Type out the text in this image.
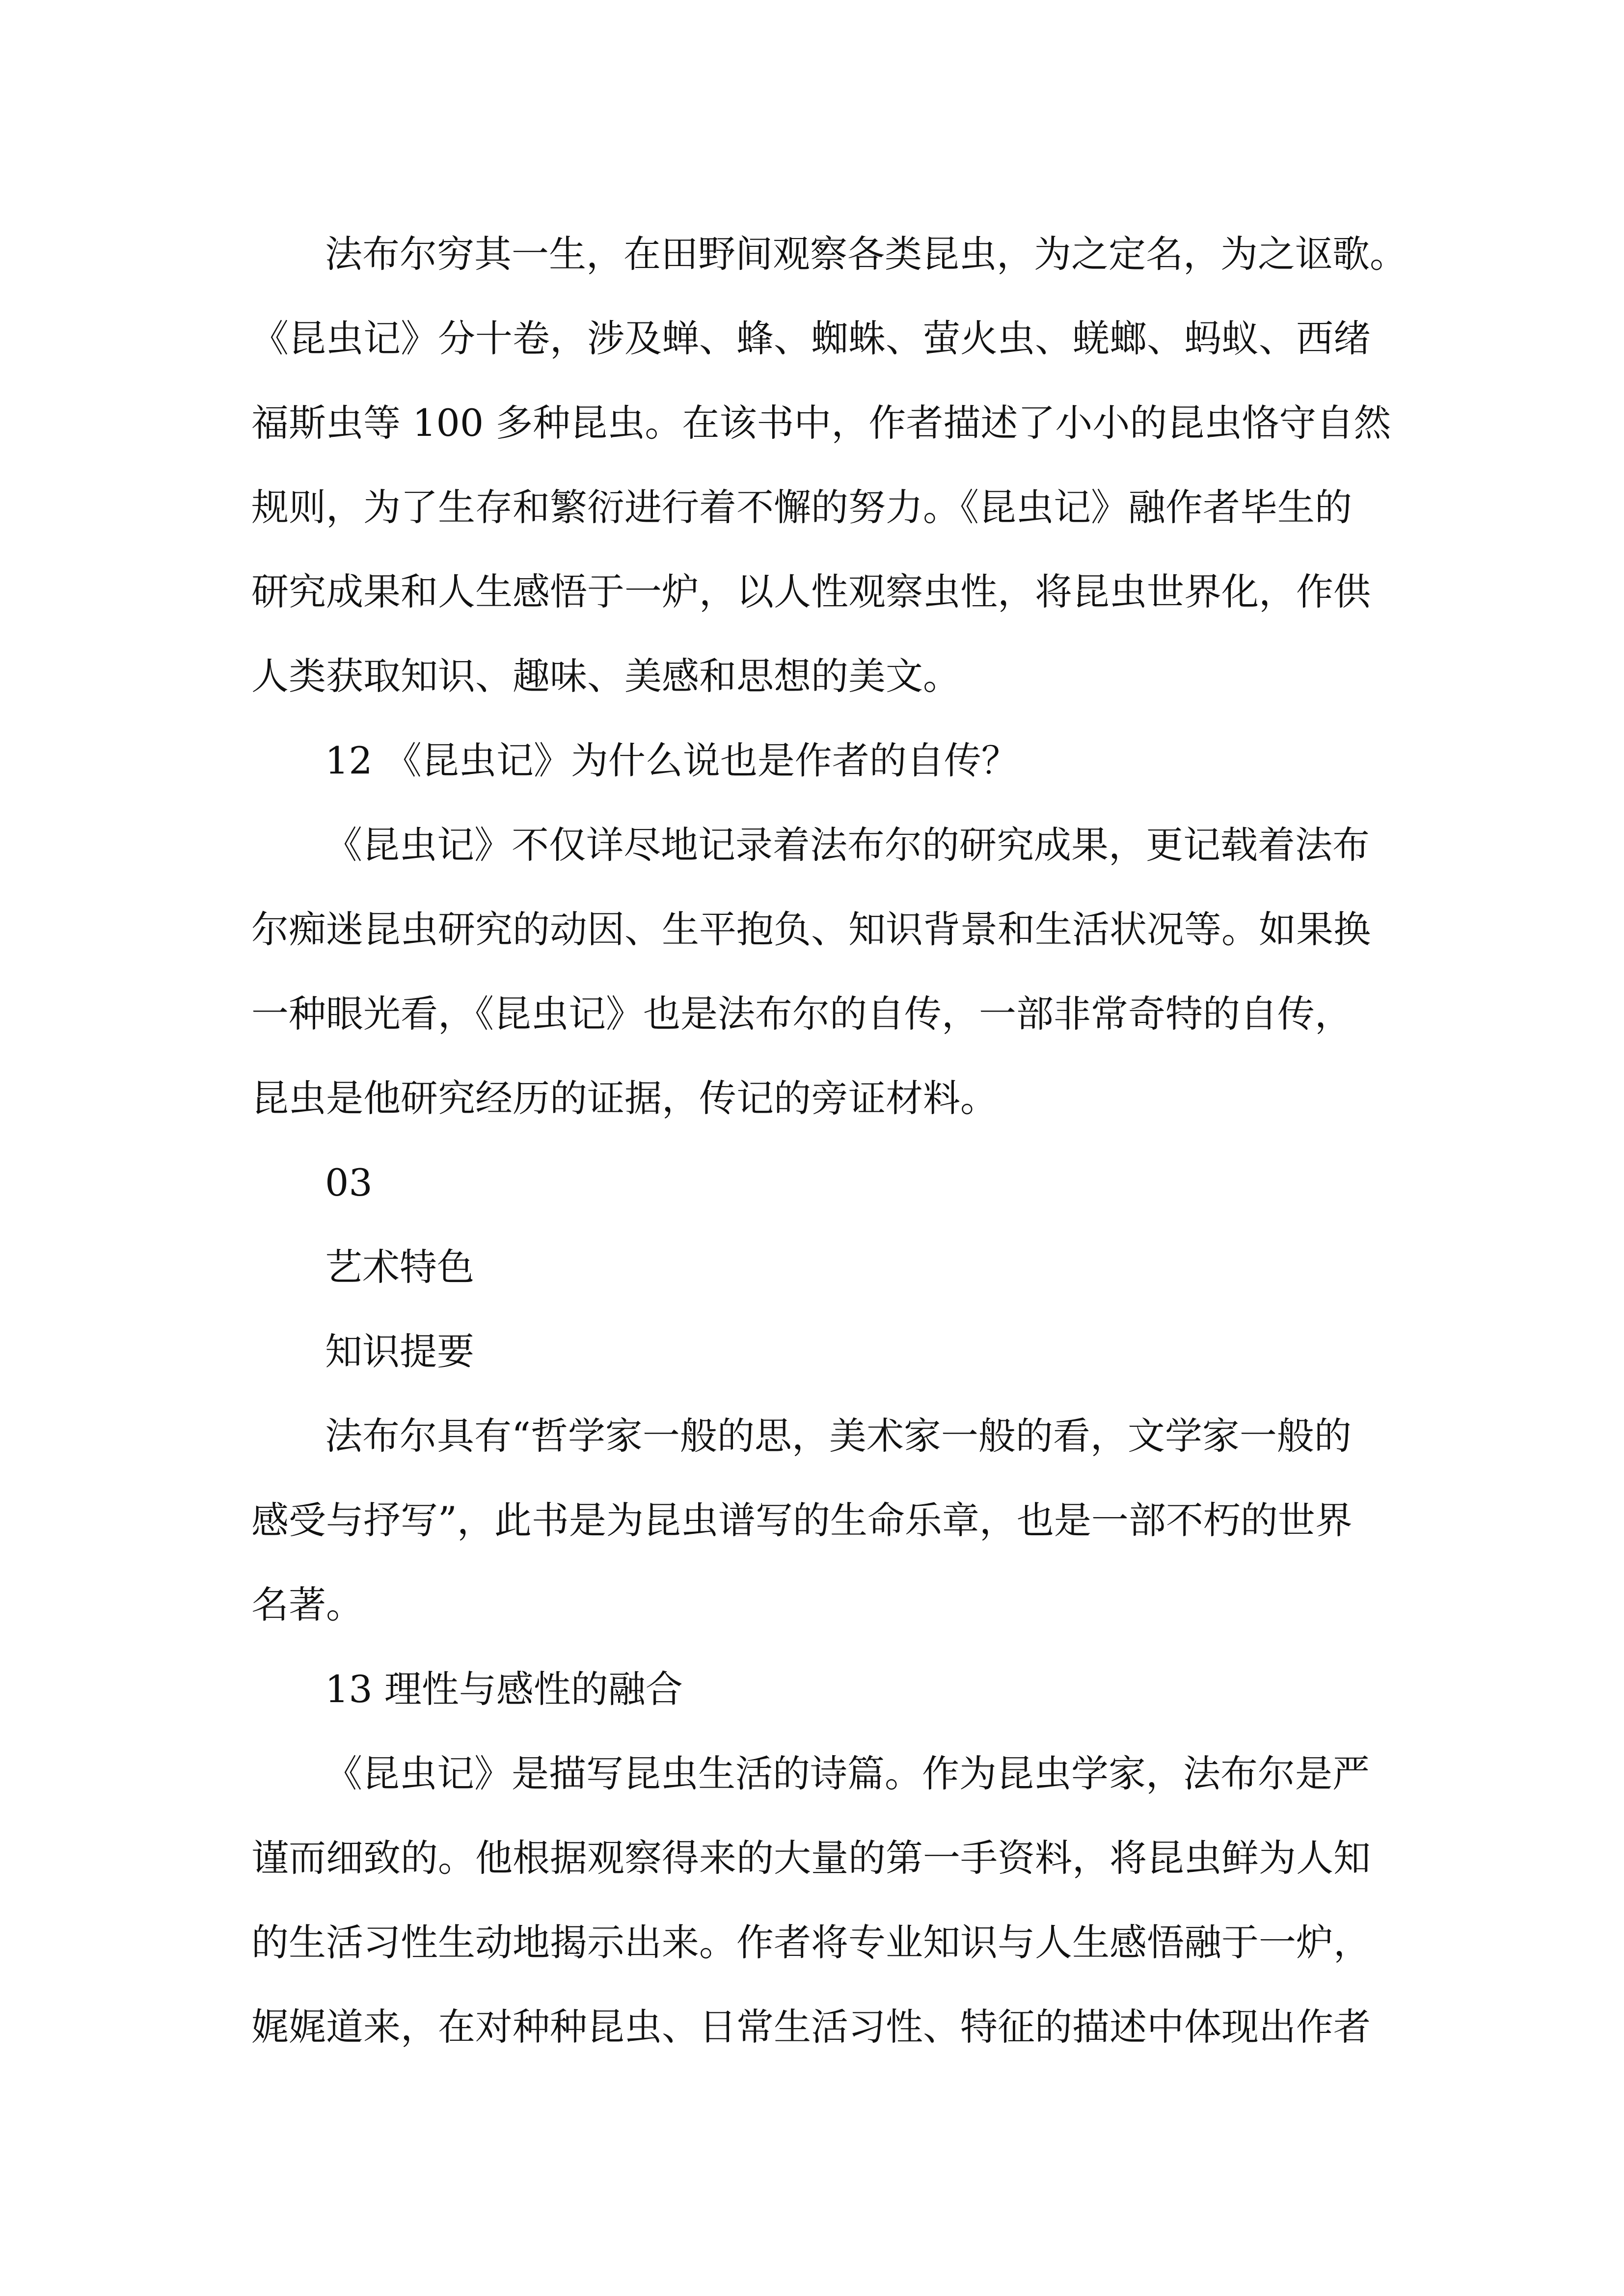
法布尔穷其一生，在田野间观察各类昆虫，为之定名，为之讴歌。
《昆虫记》分十卷，涉及蝉、蜂、蜘蛛、萤火虫、蜣螂、蚂蚁、西绪
福斯虫等 100 多种昆虫。在该书中，作者描述了小小的昆虫恪守自然
规则，为了生存和繁衍进行着不懈的努力。《昆虫记》融作者毕生的
研究成果和人生感悟于一炉，以人性观察虫性，将昆虫世界化，作供
人类获取知识、趣味、美感和思想的美文。
12 《昆虫记》为什么说也是作者的自传？
《昆虫记》不仅详尽地记录着法布尔的研究成果，更记载着法布
尔痴迷昆虫研究的动因、生平抱负、知识背景和生活状况等。如果换
一种眼光看，《昆虫记》也是法布尔的自传，一部非常奇特的自传，
昆虫是他研究经历的证据，传记的旁证材料。
03
艺术特色
知识提要
法布尔具有“哲学家一般的思，美术家一般的看，文学家一般的
感受与抒写”，此书是为昆虫谱写的生命乐章，也是一部不朽的世界
名著。
13 理性与感性的融合
《昆虫记》是描写昆虫生活的诗篇。作为昆虫学家，法布尔是严
谨而细致的。他根据观察得来的大量的第一手资料，将昆虫鲜为人知
的生活习性生动地揭示出来。作者将专业知识与人生感悟融于一炉，
娓娓道来，在对种种昆虫、日常生活习性、特征的描述中体现出作者
